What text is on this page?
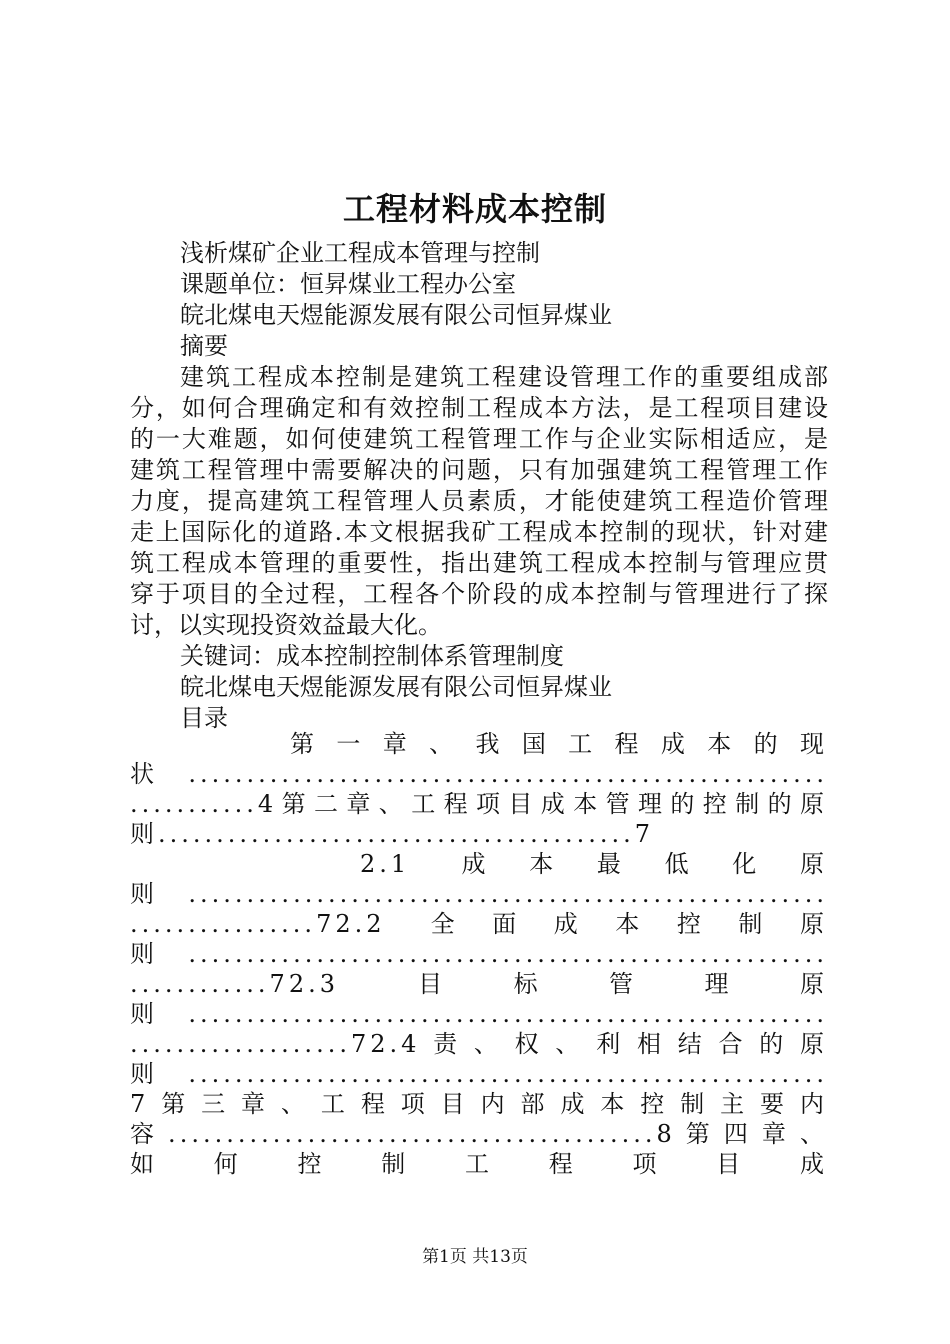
工程材料成本控制
浅析煤矿企业工程成本管理与控制
课题单位：恒昇煤业工程办公室
皖北煤电天煜能源发展有限公司恒昇煤业
摘要
建筑工程成本控制是建筑工程建设管理工作的重要组成部
分，如何合理确定和有效控制工程成本方法，是工程项目建设
的一大难题，如何使建筑工程管理工作与企业实际相适应，是
建筑工程管理中需要解决的问题，只有加强建筑工程管理工作
力度，提高建筑工程管理人员素质，才能使建筑工程造价管理
走上国际化的道路.本文根据我矿工程成本控制的现状，针对建
筑工程成本管理的重要性，指出建筑工程成本控制与管理应贯
穿于项目的全过程，工程各个阶段的成本控制与管理进行了探
讨，以实现投资效益最大化。
关键词：成本控制控制体系管理制度
皖北煤电天煜能源发展有限公司恒昇煤业
目录
第一章、我国工程成本的现
状.......................................................
...........4第二章、工程项目成本管理的控制的原
则.........................................7
2.1 成本最低化原
则.......................................................
................72.2 全面成本控制原
则.......................................................
............72.3 目标管理原
则.......................................................
...................72.4责、权、利相结合的原
则.......................................................
7第三章、工程项目内部成本控制主要内
容..........................................8第四章、
如何控制工程项目成
第1页 共13页
